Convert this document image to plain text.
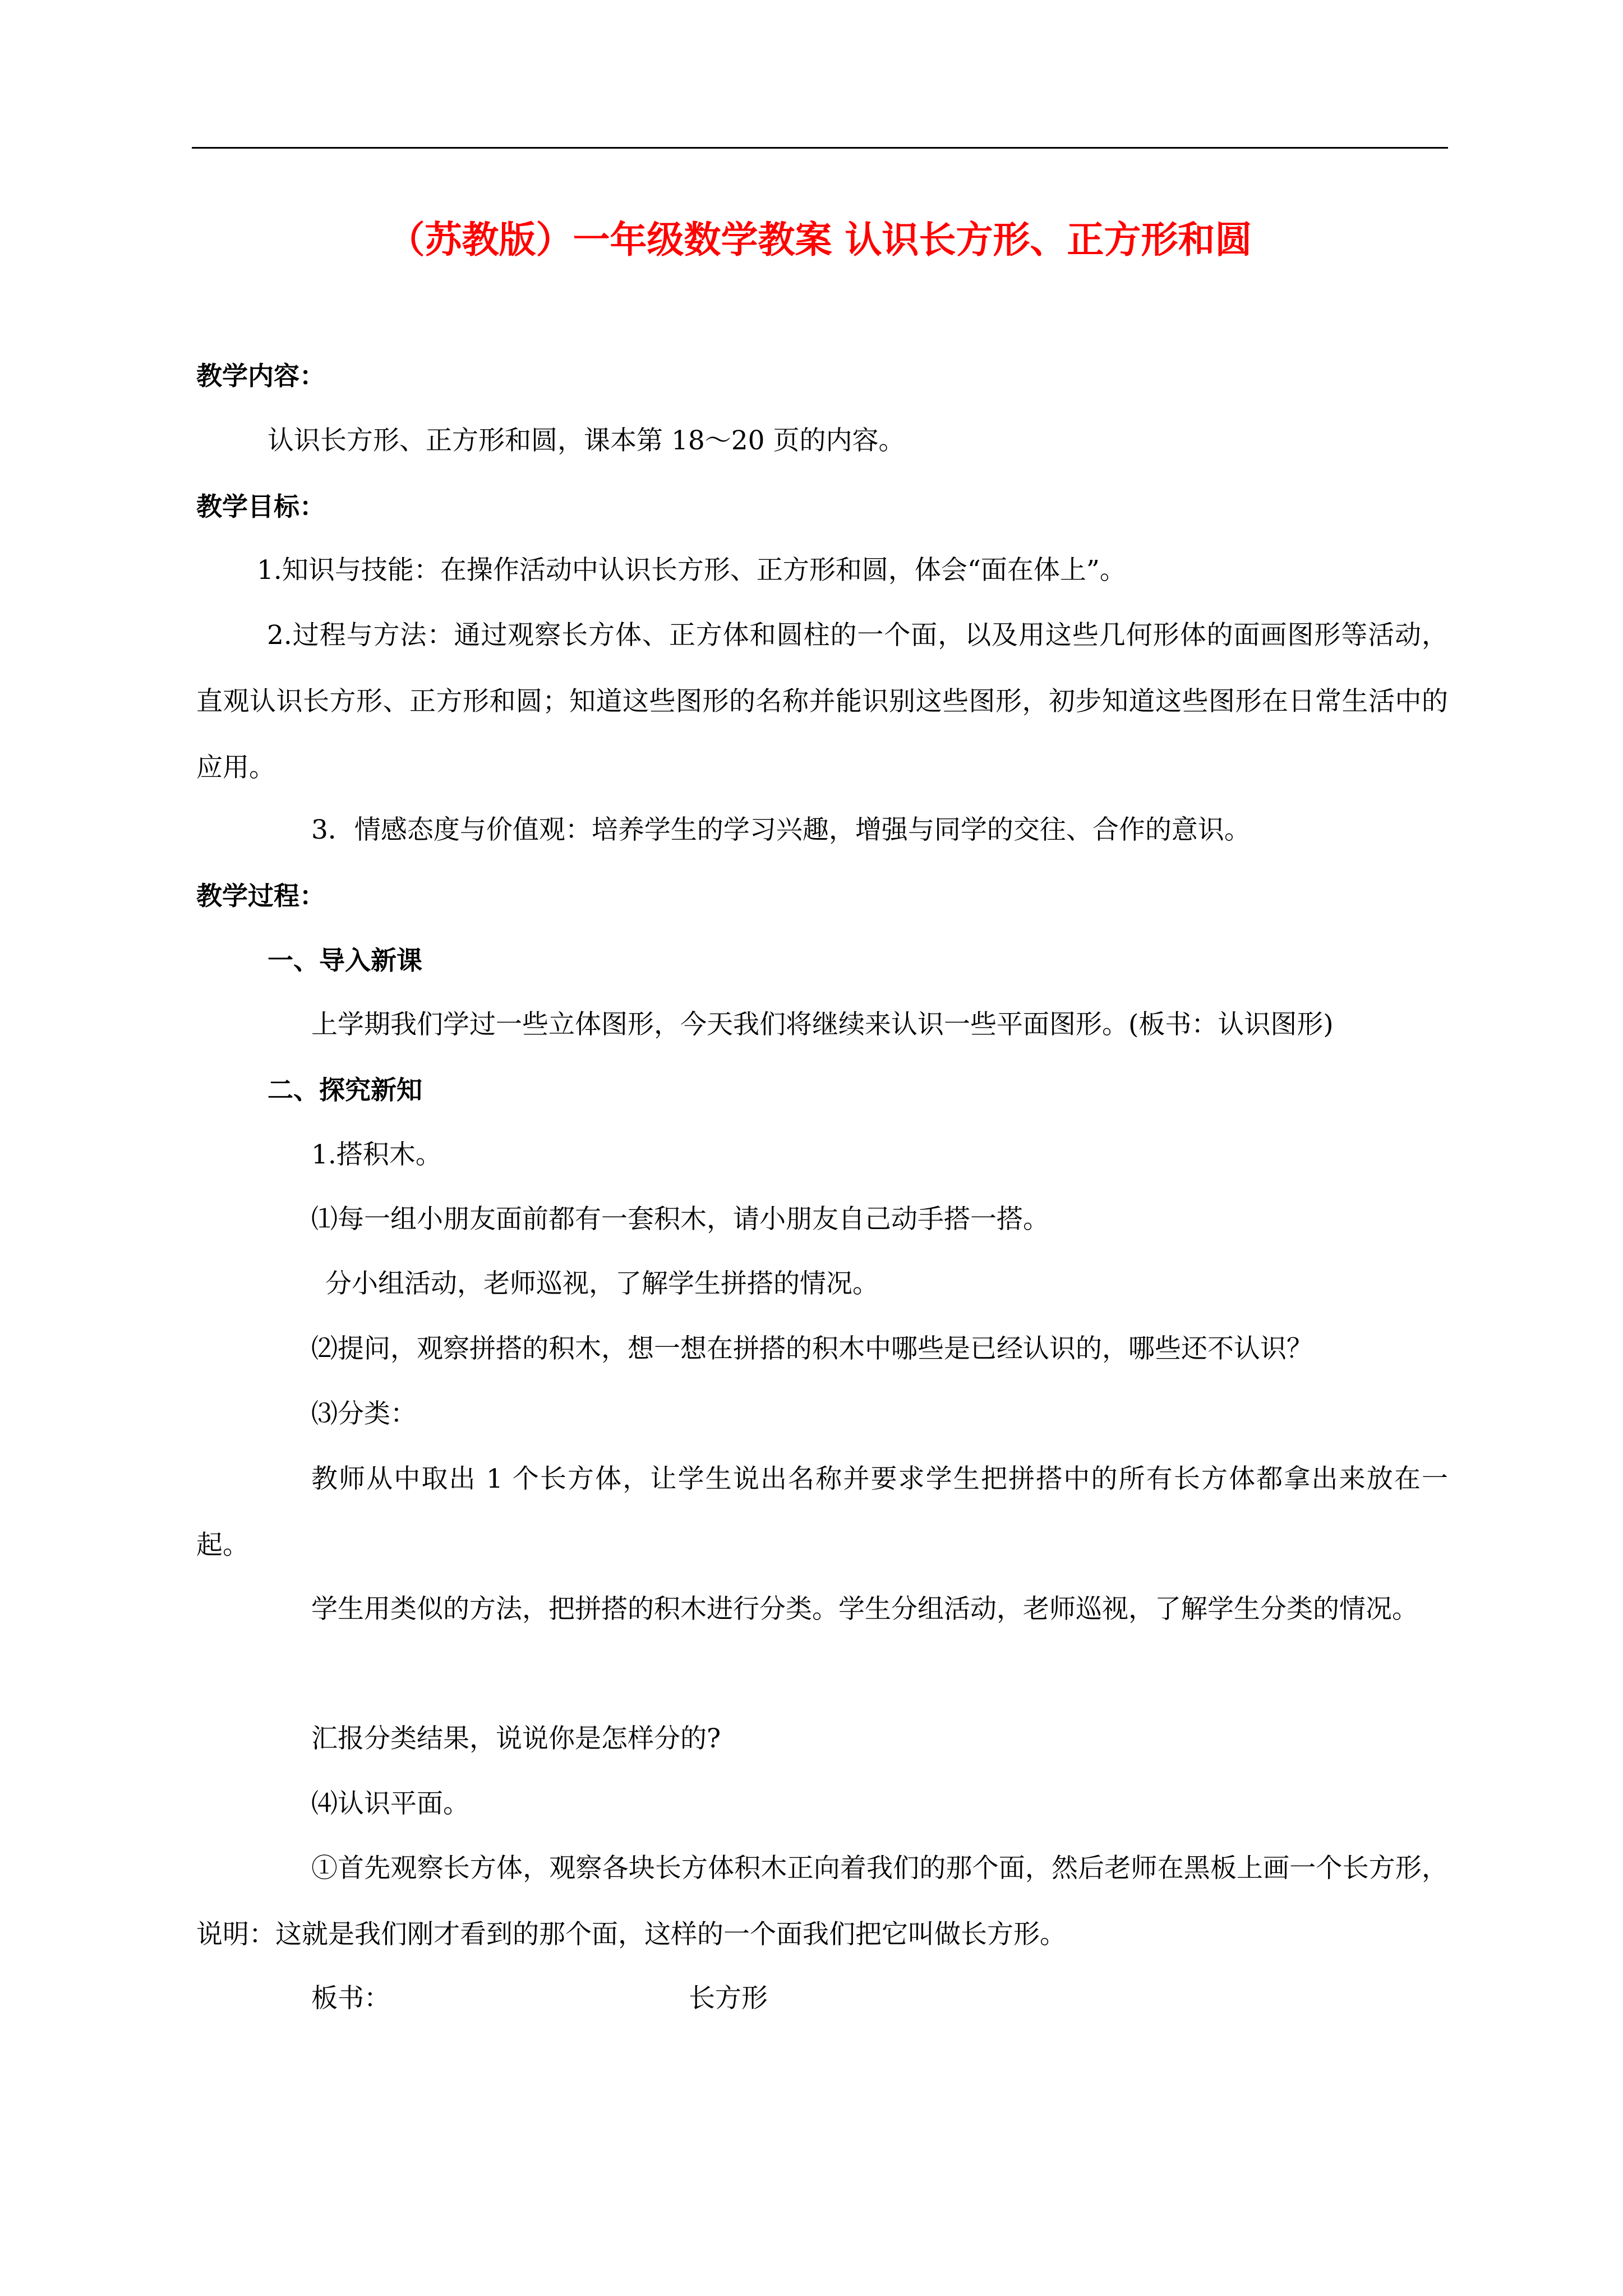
（苏教版）一年级数学教案 认识长方形、正方形和圆
教学内容：
认识长方形、正方形和圆，课本第 18～20 页的内容。
教学目标：
1.知识与技能：在操作活动中认识长方形、正方形和圆，体会“面在体上”。
2.过程与方法：通过观察长方体、正方体和圆柱的一个面，以及用这些几何形体的面画图形等活动，直观认识长方形、正方形和圆；知道这些图形的名称并能识别这些图形，初步知道这些图形在日常生活中的应用。
3．情感态度与价值观：培养学生的学习兴趣，增强与同学的交往、合作的意识。
教学过程：
一、导入新课
上学期我们学过一些立体图形，今天我们将继续来认识一些平面图形。(板书：认识图形)
二、探究新知
1.搭积木。
⑴每一组小朋友面前都有一套积木，请小朋友自己动手搭一搭。
分小组活动，老师巡视，了解学生拼搭的情况。
⑵提问，观察拼搭的积木，想一想在拼搭的积木中哪些是已经认识的，哪些还不认识？
⑶分类：
教师从中取出 1 个长方体，让学生说出名称并要求学生把拼搭中的所有长方体都拿出来放在一起。
学生用类似的方法，把拼搭的积木进行分类。学生分组活动，老师巡视，了解学生分类的情况。
汇报分类结果，说说你是怎样分的?
⑷认识平面。
①首先观察长方体，观察各块长方体积木正向着我们的那个面，然后老师在黑板上画一个长方形，说明：这就是我们刚才看到的那个面，这样的一个面我们把它叫做长方形。
板书：	长方形
